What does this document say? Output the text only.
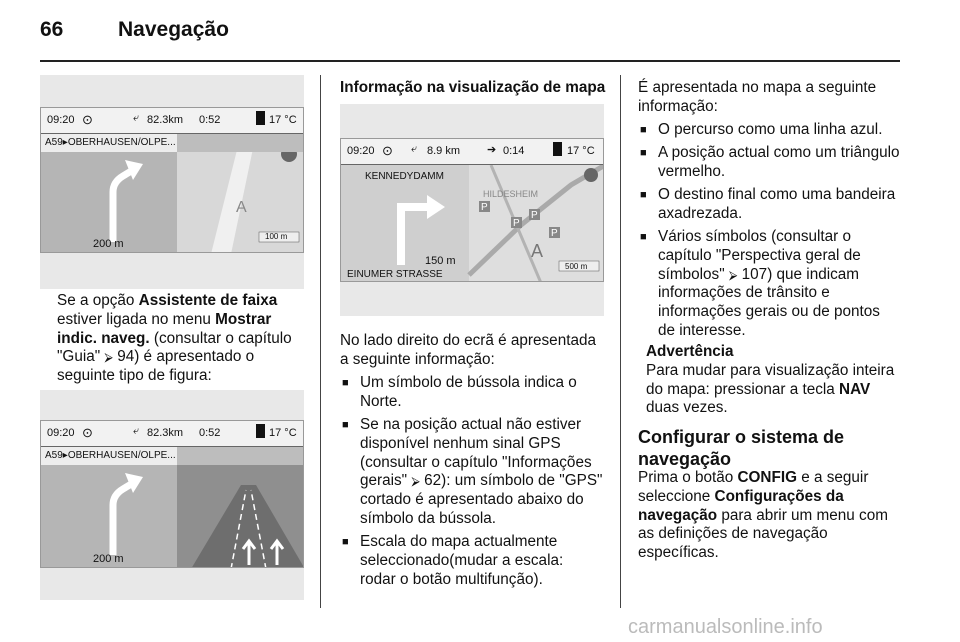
66	Navegação
09:20 ⊙	⤶ 82.3km 0:52	17 °C
A59▸OBERHAUSEN/OLPE...
A
100 m
200 m
Se a opção Assistente de faixa
estiver ligada no menu Mostrar
indic. naveg. (consultar o capítulo
"Guia" ⮚ 94) é apresentado o
seguinte tipo de figura:
09:20 ⊙	⤶ 82.3km 0:52	17 °C
A59▸OBERHAUSEN/OLPE...
200 m
Informação na visualização de mapa
09:20 ⊙ ⤶ 8.9 km ➔ 0:14	17 °C
P
P
P
P
A
KENNEDYDAMM
HILDESHEIM
150 m	500 m
EINUMER STRASSE
No lado direito do ecrã é apresentada
a seguinte informação:
■ Um símbolo de bússola indica o
Norte.
■ Se na posição actual não estiver
disponível nenhum sinal GPS
(consultar o capítulo "Informações
gerais" ⮚ 62): um símbolo de "GPS"
cortado é apresentado abaixo do
símbolo da bússola.
■ Escala do mapa actualmente
seleccionado(mudar a escala:
rodar o botão multifunção).
É apresentada no mapa a seguinte
informação:
■ O percurso como uma linha azul.
■ A posição actual como um triângulo
vermelho.
■ O destino final como uma bandeira
axadrezada.
■ Vários símbolos (consultar o
capítulo "Perspectiva geral de
símbolos" ⮚ 107) que indicam
informações de trânsito e
informações gerais ou de pontos
de interesse.
Advertência
Para mudar para visualização inteira
do mapa: pressionar a tecla NAV
duas vezes.
Configurar o sistema de
navegação
Prima o botão CONFIG e a seguir
seleccione Configurações da
navegação para abrir um menu com
as definições de navegação
específicas.
carmanualsonline.info
